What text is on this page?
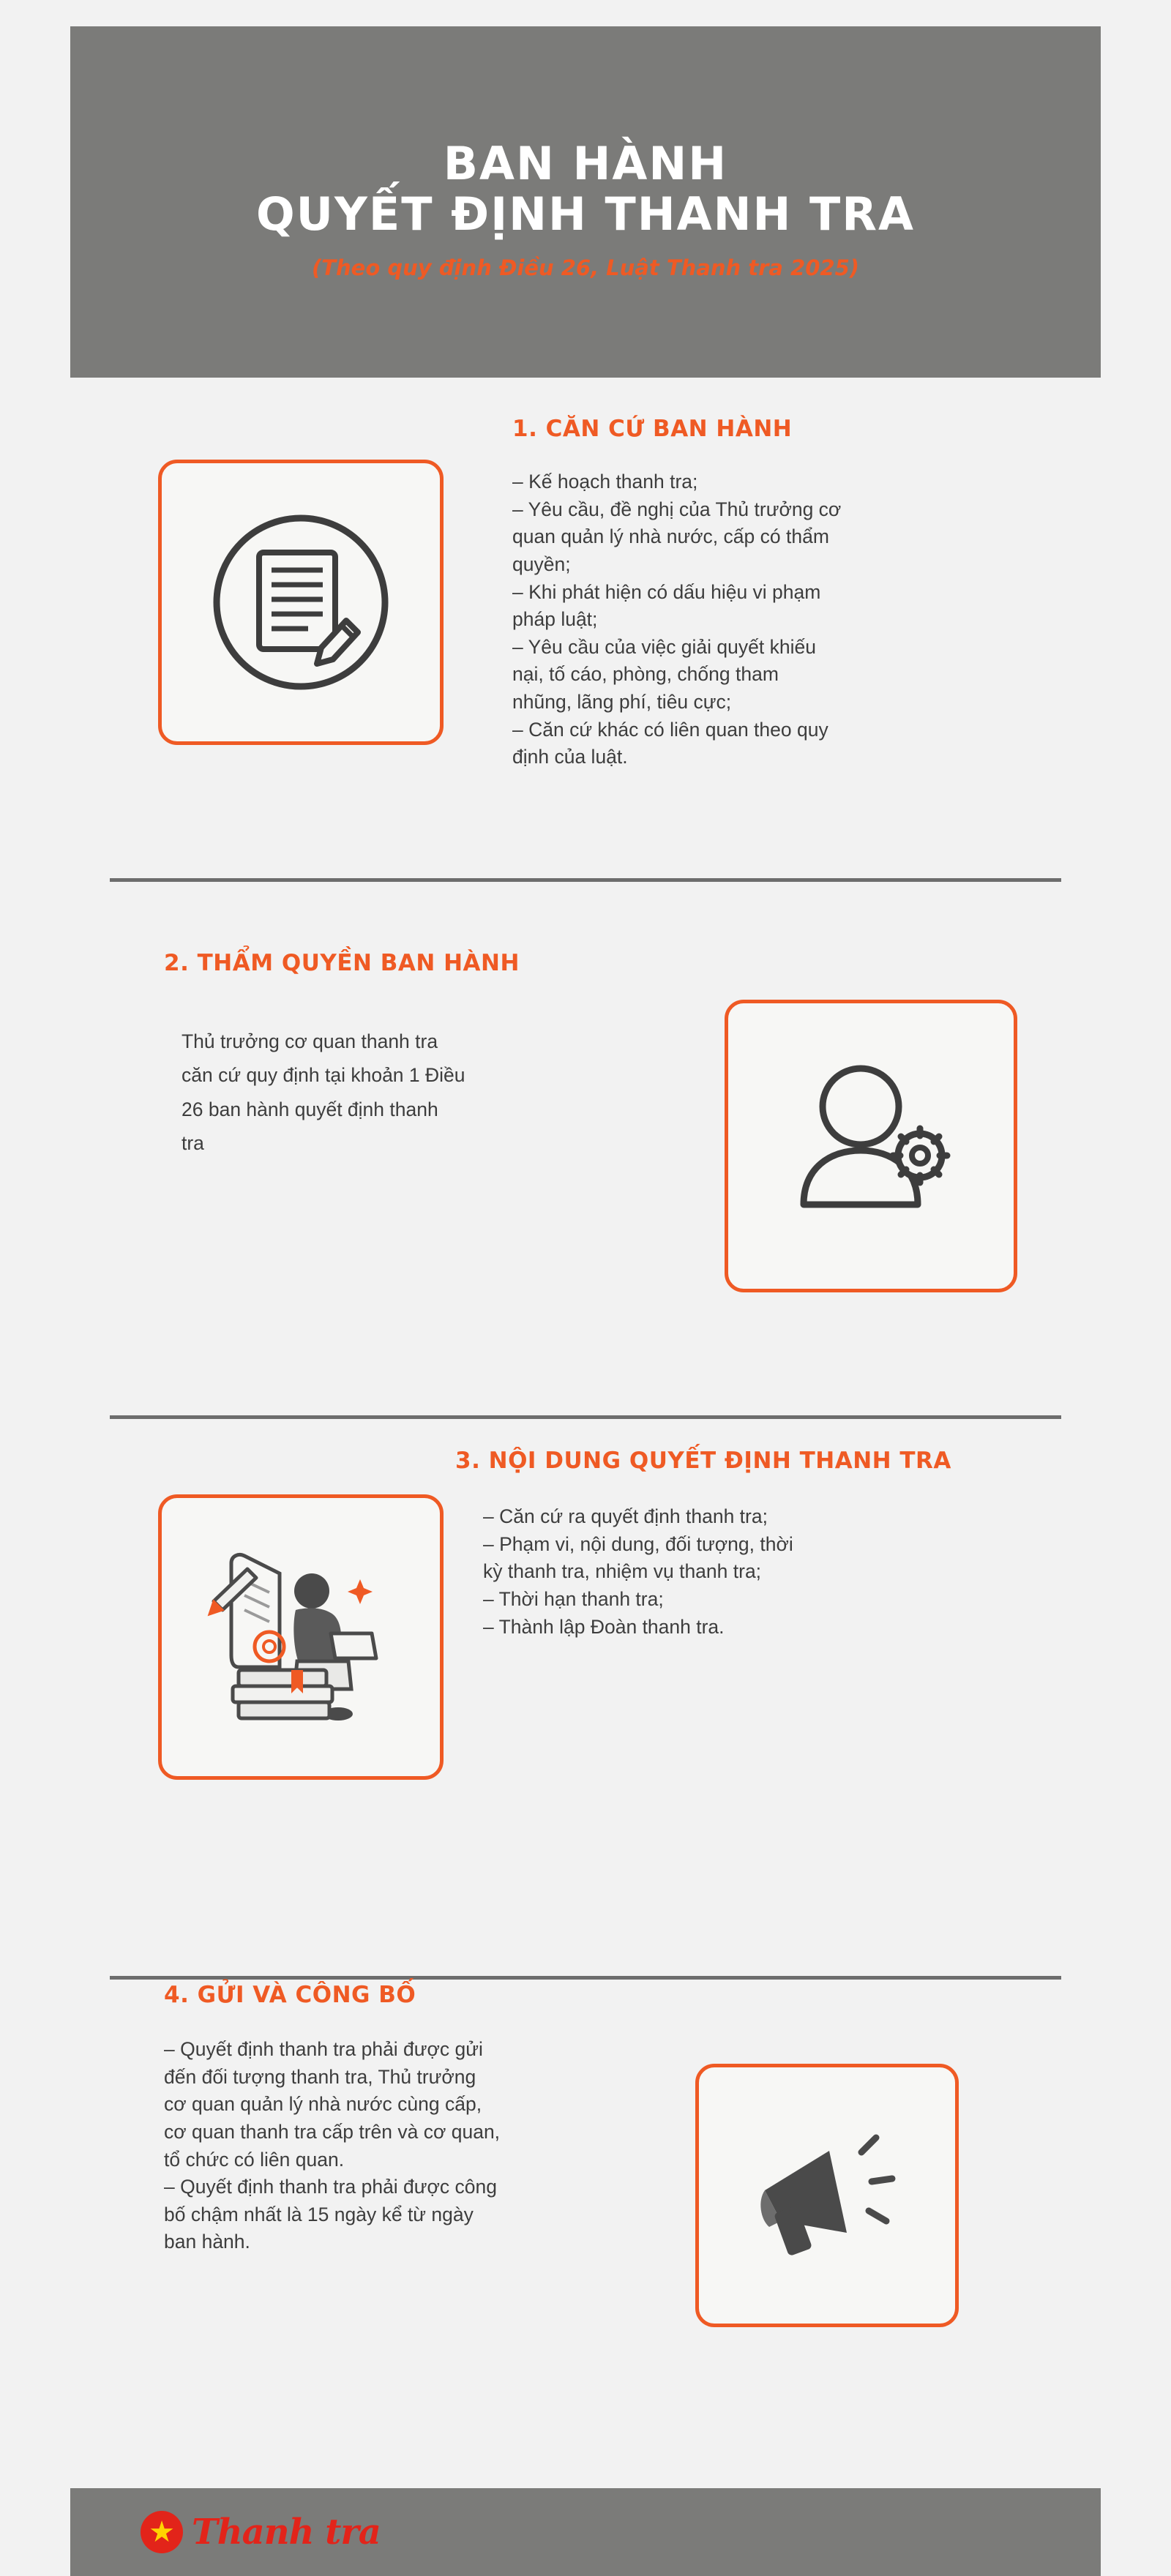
BAN HÀNH
QUYẾT ĐỊNH THANH TRA
(Theo quy định Điều 26, Luật Thanh tra 2025)
1. CĂN CỨ BAN HÀNH
– Kế hoạch thanh tra;
– Yêu cầu, đề nghị của Thủ trưởng cơ
quan quản lý nhà nước, cấp có thẩm
quyền;
– Khi phát hiện có dấu hiệu vi phạm
pháp luật;
– Yêu cầu của việc giải quyết khiếu
nại, tố cáo, phòng, chống tham
nhũng, lãng phí, tiêu cực;
– Căn cứ khác có liên quan theo quy
định của luật.
2. THẨM QUYỀN BAN HÀNH
Thủ trưởng cơ quan thanh tra
căn cứ quy định tại khoản 1 Điều
26 ban hành quyết định thanh
tra
3. NỘI DUNG QUYẾT ĐỊNH THANH TRA
– Căn cứ ra quyết định thanh tra;
– Phạm vi, nội dung, đối tượng, thời
kỳ thanh tra, nhiệm vụ thanh tra;
– Thời hạn thanh tra;
– Thành lập Đoàn thanh tra.
4. GỬI VÀ CÔNG BỐ
– Quyết định thanh tra phải được gửi
đến đối tượng thanh tra, Thủ trưởng
cơ quan quản lý nhà nước cùng cấp,
cơ quan thanh tra cấp trên và cơ quan,
tổ chức có liên quan.
– Quyết định thanh tra phải được công
bố chậm nhất là 15 ngày kể từ ngày
ban hành.
★ Thanh tra
